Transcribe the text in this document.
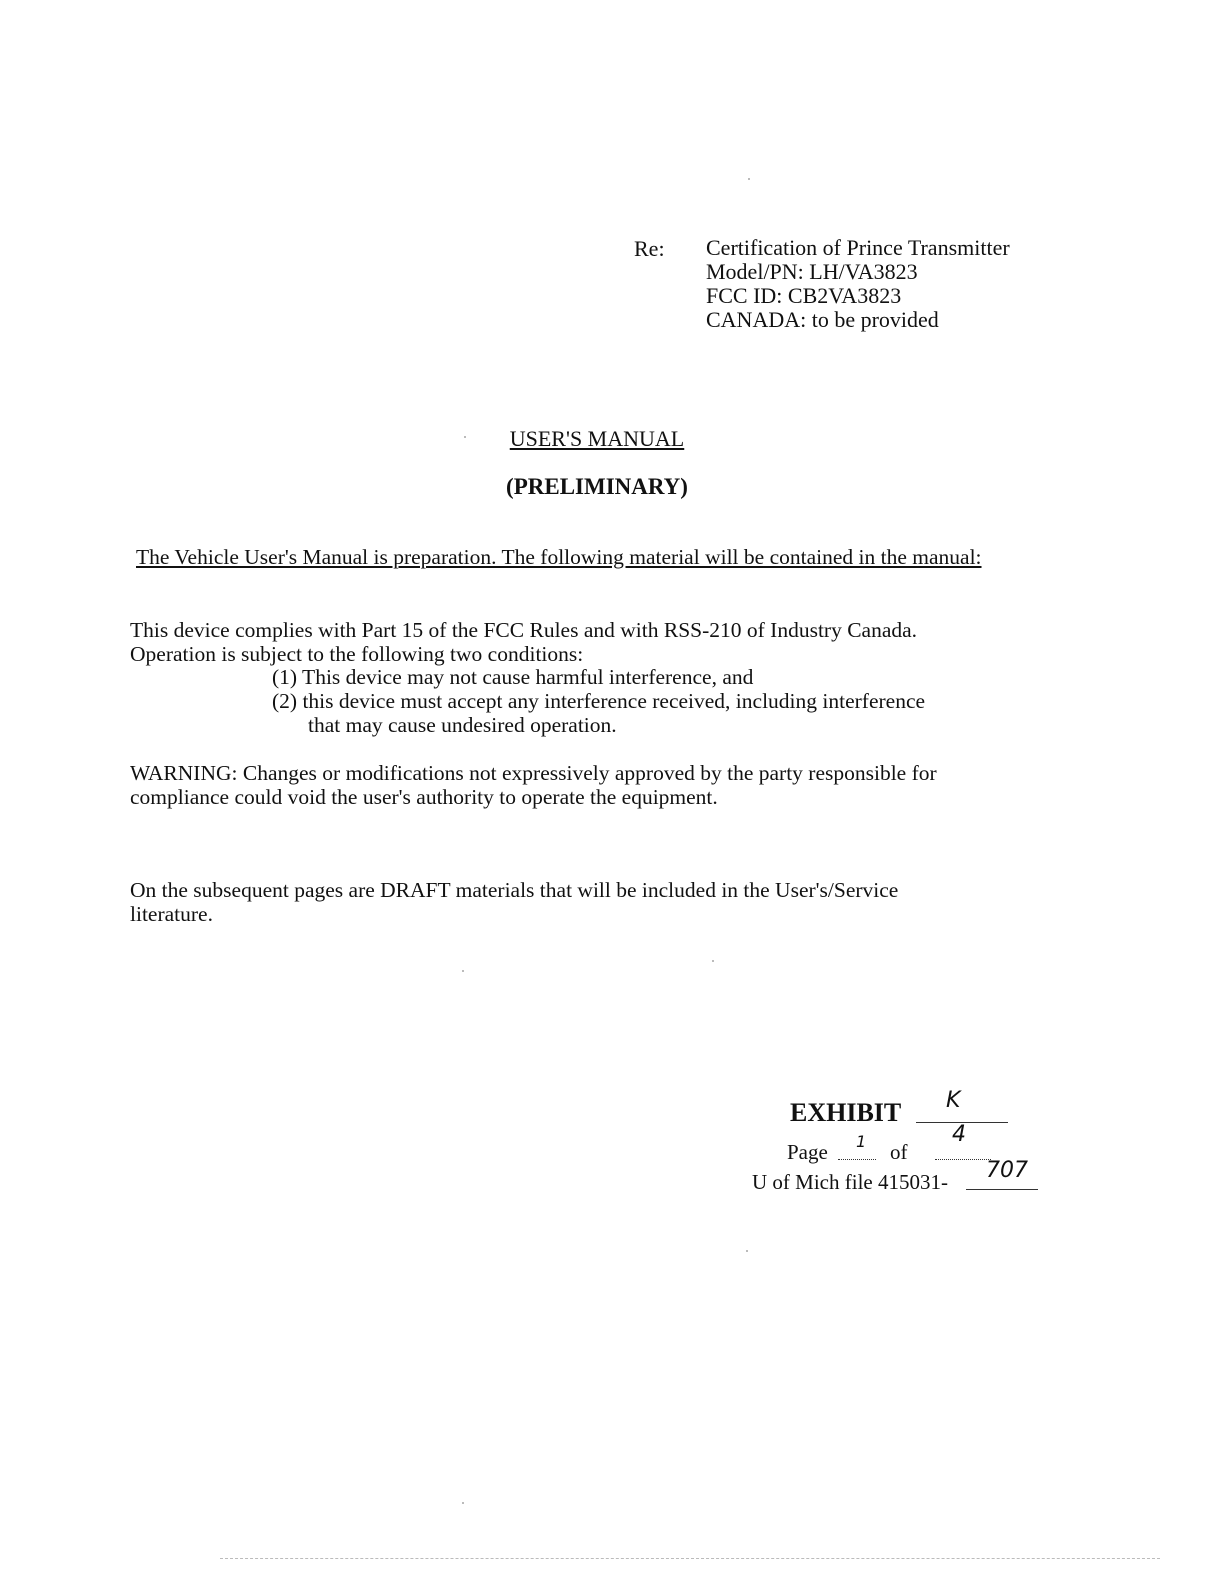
Re: Certification of Prince Transmitter
Model/PN: LH/VA3823
FCC ID: CB2VA3823
CANADA: to be provided
USER'S MANUAL
(PRELIMINARY)
The Vehicle User's Manual is preparation. The following material will be contained in the manual:
This device complies with Part 15 of the FCC Rules and with RSS-210 of Industry Canada.
Operation is subject to the following two conditions:
(1) This device may not cause harmful interference, and
(2) this device must accept any interference received, including interference
that may cause undesired operation.
WARNING: Changes or modifications not expressively approved by the party responsible for
compliance could void the user's authority to operate the equipment.
On the subsequent pages are DRAFT materials that will be included in the User's/Service
literature.
EXHIBIT K
Page 1 of
4
U of Mich file 415031- 707
